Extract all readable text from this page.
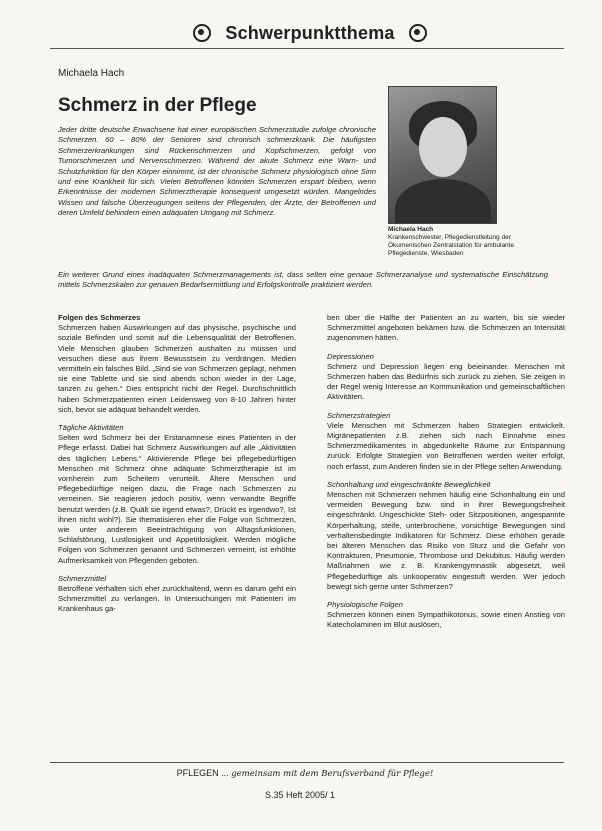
Schwerpunktthema
Michaela Hach
Schmerz in der Pflege
Jeder dritte deutsche Erwachsene hat einer europäischen Schmerzstudie zufolge chronische Schmerzen. 60 – 80% der Senioren sind chronisch schmerzkrank. Die häufigsten Schmerzerkrankungen sind Rückenschmerzen und Kopfschmerzen, gefolgt von Tumorschmerzen und Nervenschmerzen. Während der akute Schmerz eine Warn- und Schutzfunktion für den Körper einnimmt, ist der chronische Schmerz physiologisch ohne Sinn und eine Krankheit für sich. Vielen Betroffenen könnten Schmerzen erspart bleiben, wenn Erkenntnisse der modernen Schmerztherapie konsequent umgesetzt würden. Mangelndes Wissen und falsche Überzeugungen seitens der Pflegenden, der Ärzte, der Betroffenen und deren Umfeld behindern einen adäquaten Umgang mit Schmerz.
Michaela Hach
Krankenschwester, Pflegedienstleitung der
Ökumenischen Zentralstation für ambulante
Pflegedienste, Wiesbaden
Ein weiterer Grund eines inadäquaten Schmerzmanagements ist, dass selten eine genaue Schmerzanalyse und systematische Einschätzung mittels Schmerzskalen zur genauen Bedarfsermittlung und Erfolgskontrolle praktiziert werden.

Folgen des Schmerzes
Schmerzen haben Auswirkungen auf das physische, psychische und soziale Befinden und somit auf die Lebensqualität der Betroffenen. Viele Menschen glauben Schmerzen aushalten zu müssen und versuchen diese aus ihrem Bewusstsein zu verdrängen. Medien vermitteln ein falsches Bild. „Sind sie von Schmerzen geplagt, nehmen sie eine Tablette und sie sind abends schon wieder in der Lage, tanzen zu gehen.“ Dies entspricht nicht der Regel. Durchschnittlich haben Schmerzpatienten einen Leidensweg von 8-10 Jahren hinter sich, bevor sie adäquat behandelt werden.

Tägliche Aktivitäten
Selten wird Schmerz bei der Erstanamnese eines Patienten in der Pflege erfasst. Dabei hat Schmerz Auswirkungen auf alle „Aktivitäten des täglichen Lebens.“ Aktivierende Pflege bei pflegebedürftigen Menschen mit Schmerz ohne adäquate Schmerztherapie ist im vornherein zum Scheitern verurteilt. Ältere Menschen und Pflegebedürftige neigen dazu, die Frage nach Schmerzen zu verneinen. Sie reagieren jedoch positiv, wenn verwandte Begriffe benutzt werden (z.B. Quält sie irgend etwas?, Drückt es irgendwo?, Ist ihnen nicht wohl?). Sie thematisieren eher die Folge von Schmerzen, wie unter anderem Beeinträchtigung von Alltagsfunktionen, Schlafstörung, Lustlosigkeit und Appetitlosigkeit. Werden mögliche Folgen von Schmerzen genannt und Schmerzen verneint, ist erhöhte Aufmerksamkeit von Pflegenden geboten.

Schmerzmittel
Betroffene verhalten sich eher zurückhaltend, wenn es darum geht ein Schmerzmittel zu verlangen. In Untersuchungen mit Patienten im Krankenhaus ga-

ben über die Hälfte der Patienten an zu warten, bis sie wieder Schmerzmittel angeboten bekämen bzw. die Schmerzen an Intensität zugenommen hätten.

Depressionen
Schmerz und Depression liegen eng beieinander. Menschen mit Schmerzen haben das Bedürfnis sich zurück zu ziehen. Sie zeigen in der Regel wenig Interesse an Kommunikation und gemeinschaftlichen Aktivitäten.

Schmerzstrategien
Viele Menschen mit Schmerzen haben Strategien entwickelt. Migränepatienten z.B. ziehen sich nach Einnahme eines Schmerzmedikamentes in abgedunkelte Räume zur Entspannung zurück. Erfolgte Strategien von Betroffenen werden weiter erfolgt, noch erfasst, zum Anderen finden sie in der Pflege selten Anwendung.

Schonhaltung und eingeschränkte Beweglichkeit
Menschen mit Schmerzen nehmen häufig eine Schonhaltung ein und vermeiden Bewegung bzw. sind in ihrer Bewegungsfreiheit eingeschränkt. Ungeschickte Steh- oder Sitzpositionen, angespannte Körperhaltung, steife, unterbrochene, vorsichtige Bewegungen sind verhaltensbedingte Indikatoren für Schmerz. Diese erhöhen gerade bei älteren Menschen das Risiko von Sturz und die Gefahr von Kontrakturen, Pneumonie, Thrombose und Dekubitus. Häufig werden Maßnahmen wie z. B. Krankengymnastik abgesetzt, weil Pflegebedürftige als unkooperativ eingestuft werden. Wer jedoch bewegt sich gerne unter Schmerzen?

Physiologische Folgen
Schmerzen können einen Sympathikotonus, sowie einen Anstieg von Katecholaminen im Blut auslösen,

PFLEGEN ... gemeinsam mit dem Berufsverband für Pflege!
S.35 Heft 2005/ 1
